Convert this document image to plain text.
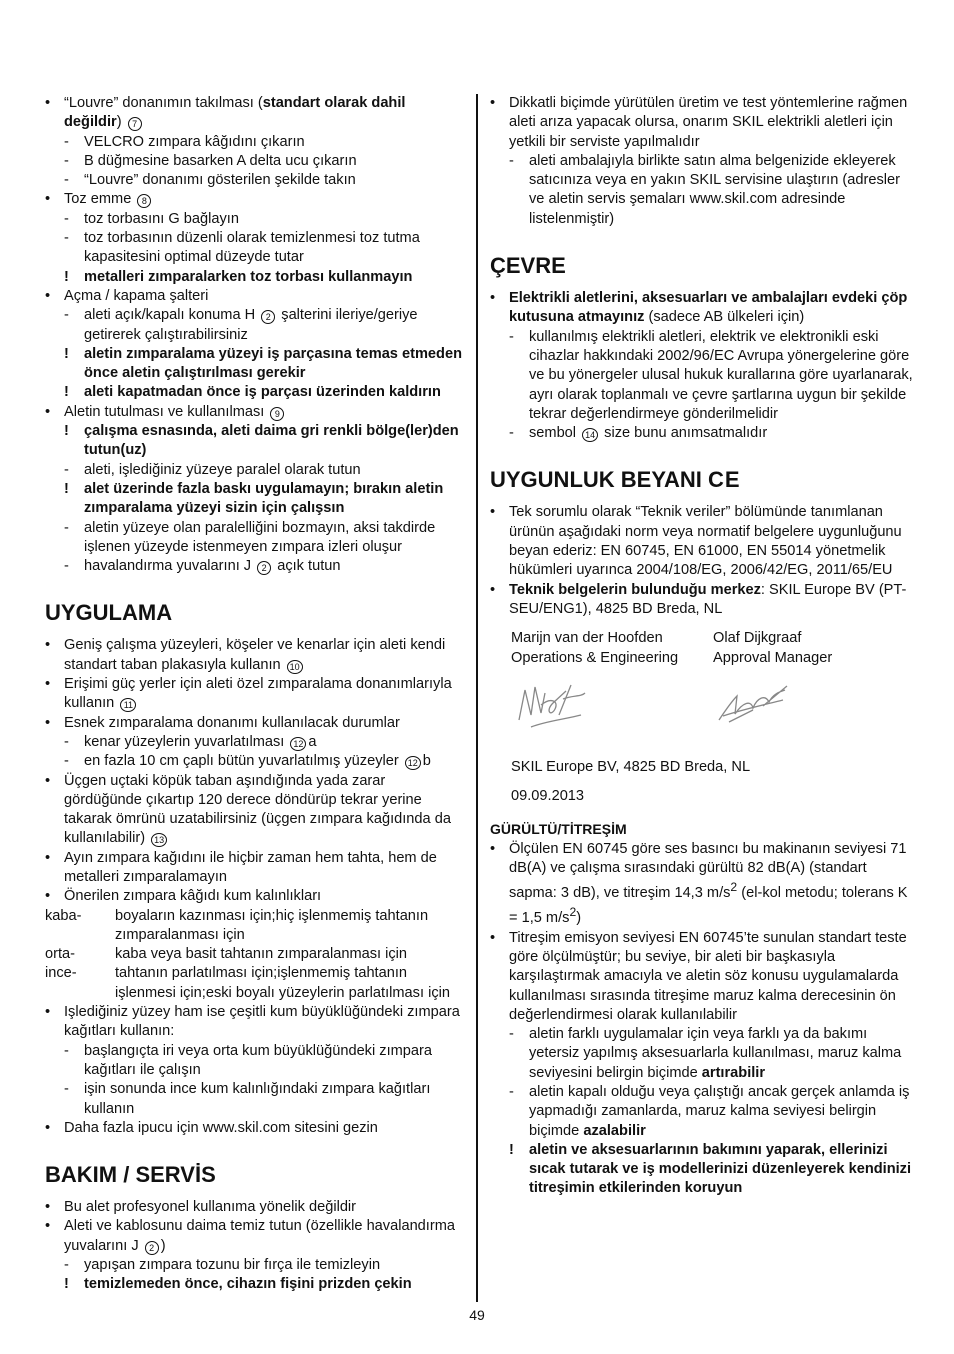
• “Louvre” donanımın takılması (standart olarak dahil değildir) 7
- VELCRO zımpara kâğıdını çıkarın
- B düğmesine basarken A delta ucu çıkarın
- “Louvre” donanımı gösterilen şekilde takın
• Toz emme 8
- toz torbasını G bağlayın
- toz torbasının düzenli olarak temizlenmesi toz tutma kapasitesini optimal düzeyde tutar
! metalleri zımparalarken toz torbası kullanmayın
• Açma / kapama şalteri
- aleti açık/kapalı konuma H 2 şalterini ileriye/geriye getirerek çalıştırabilirsiniz
! aletin zımparalama yüzeyi iş parçasına temas etmeden önce aletin çalıştırılması gerekir
! aleti kapatmadan önce iş parçası üzerinden kaldırın
• Aletin tutulması ve kullanılması 9
! çalışma esnasında, aleti daima gri renkli bölge(ler)den tutun(uz)
- aleti, işlediğiniz yüzeye paralel olarak tutun
! alet üzerinde fazla baskı uygulamayın; bırakın aletin zımparalama yüzeyi sizin için çalışsın
- aletin yüzeye olan paralelliğini bozmayın, aksi takdirde işlenen yüzeyde istenmeyen zımpara izleri oluşur
- havalandırma yuvalarını J 2 açık tutun
UYGULAMA
• Geniş çalışma yüzeyleri, köşeler ve kenarlar için aleti kendi standart taban plakasıyla kullanın 10
• Erişimi güç yerler için aleti özel zımparalama donanımlarıyla kullanın 11
• Esnek zımparalama donanımı kullanılacak durumlar
- kenar yüzeylerin yuvarlatılması 12 a
- en fazla 10 cm çaplı bütün yuvarlatılmış yüzeyler 12 b
• Üçgen uçtaki köpük taban aşındığında yada zarar gördüğünde çıkartıp 120 derece döndürüp tekrar yerine takarak ömrünü uzatabilirsiniz (üçgen zımpara kağıdında da kullanılabilir) 13
• Ayın zımpara kağıdını ile hiçbir zaman hem tahta, hem de metalleri zımparalamayın
• Önerilen zımpara kâğıdı kum kalınlıkları
kaba-	boyaların kazınması için;hiç işlenmemiş tahtanın zımparalanması için
orta-	kaba veya basit tahtanın zımparalanması için
ince-	tahtanın parlatılması için;işlenmemiş tahtanın işlenmesi için;eski boyalı yüzeylerin parlatılması için
• Işlediğiniz yüzey ham ise çeşitli kum büyüklüğündeki zımpara kağıtları kullanın:
- başlangıçta iri veya orta kum büyüklüğündeki zımpara kağıtları ile çalışın
- işin sonunda ince kum kalınlığındaki zımpara kağıtları kullanın
• Daha fazla ipucu için www.skil.com sitesini gezin
BAKIM / SERVİS
• Bu alet profesyonel kullanıma yönelik değildir
• Aleti ve kablosunu daima temiz tutun (özellikle havalandırma yuvalarını J 2 )
- yapışan zımpara tozunu bir fırça ile temizleyin
! temizlemeden önce, cihazın fişini prizden çekin
• Dikkatli biçimde yürütülen üretim ve test yöntemlerine rağmen aleti arıza yapacak olursa, onarım SKIL elektrikli aletleri için yetkili bir serviste yapılmalıdır
- aleti ambalajıyla birlikte satın alma belgenizide ekleyerek satıcınıza veya en yakın SKIL servisine ulaştırın (adresler ve aletin servis şemaları www.skil.com adresinde listelenmiştir)
ÇEVRE
• Elektrikli aletlerini, aksesuarları ve ambalajları evdeki çöp kutusuna atmayınız (sadece AB ülkeleri için)
- kullanılmış elektrikli aletleri, elektrik ve elektronikli eski cihazlar hakkındaki 2002/96/EC Avrupa yönergelerine göre ve bu yönergeler ulusal hukuk kurallarına göre uyarlanarak, ayrı olarak toplanmalı ve çevre şartlarına uygun bir şekilde tekrar değerlendirmeye gönderilmelidir
- sembol 14 size bunu anımsatmalıdır
UYGUNLUK BEYANI CE
• Tek sorumlu olarak “Teknik veriler” bölümünde tanımlanan ürünün aşağıdaki norm veya normatif belgelere uygunluğunu beyan ederiz: EN 60745, EN 61000, EN 55014 yönetmelik hükümleri uyarınca 2004/108/EG, 2006/42/EG, 2011/65/EU
• Teknik belgelerin bulunduğu merkez: SKIL Europe BV (PT-SEU/ENG1), 4825 BD Breda, NL
Marijn van der Hoofden
Operations & Engineering
Olaf Dijkgraaf
Approval Manager
SKIL Europe BV, 4825 BD Breda, NL
09.09.2013
GÜRÜLTÜ/TİTREŞİM
• Ölçülen EN 60745 göre ses basıncı bu makinanın seviyesi 71 dB(A) ve çalışma sırasındaki gürültü 82 dB(A) (standart sapma: 3 dB), ve titreşim 14,3 $m/s^2$ (el-kol metodu; tolerans K = 1,5 $m/s^2$)
• Titreşim emisyon seviyesi EN 60745’te sunulan standart teste göre ölçülmüştür; bu seviye, bir aleti bir başkasıyla karşılaştırmak amacıyla ve aletin söz konusu uygulamalarda kullanılması sırasında titreşime maruz kalma derecesinin ön değerlendirmesi olarak kullanılabilir
- aletin farklı uygulamalar için veya farklı ya da bakımı yetersiz yapılmış aksesuarlarla kullanılması, maruz kalma seviyesini belirgin biçimde artırabilir
- aletin kapalı olduğu veya çalıştığı ancak gerçek anlamda iş yapmadığı zamanlarda, maruz kalma seviyesi belirgin biçimde azalabilir
! aletin ve aksesuarlarının bakımını yaparak, ellerinizi sıcak tutarak ve iş modellerinizi düzenleyerek kendinizi titreşimin etkilerinden koruyun
49
